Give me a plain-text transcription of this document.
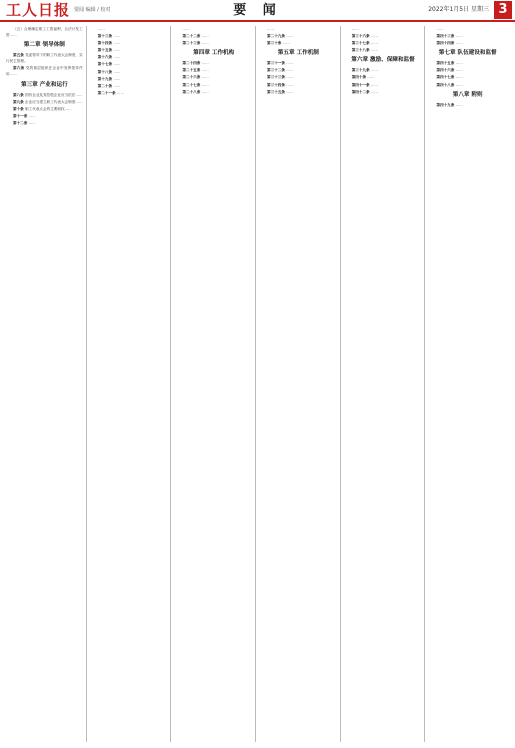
工人日报 要闻 编辑 / 校对	要 闻	2022年1月5日 星期三 3

（五）合理确定职工工资福利，合法计发工资……　　　　　　　　　　　　　　　　　　　　　　　　　　　　　　　　　　　　　　　　　　　　　　　　　　　　　　　　　　　　　　　　　　　　　　　　　　　　　　　　　　　　　　　　　　　　　　　　　　　　　　　　　　　　　　　　　　　　　　　　　　　

第二章 领导体制

第五条 党委领导下的职工代表大会制度，实行民主管理。　　　　　　　　　　　　　　　　　　　　　　　　　　　　　　　　　　　　　　　　　　　　　　　　　　　　　　　　　　　　　　　　　　　　　　　　　　　　　　　　　　　　　　　　　　　　　　　　　　　　　　　　　　　　　　　　　　　　　　　　　　　

第六条 党的基层组织在企业中发挥领导作用……　　　　　　　　　　　　　　　　　　　　　　　　　　　　　　　　　　　　　　　　　　　　　　　　　　　　　　　　　　　　　　　　　　　　　　　　　　　　　　　　　　　　　　　　　　　　　　　　　　　　　　　　　　　　　　　　　　　　　　　　　　　

第三章 产业和运行

第八条 国有企业及其控股企业应当依法……　　　　　　　　　　　　　　　　　　　　　　　　　　　　　　　　　　　　　　　　　　　　　　　　　　　　　　　　　　　　　　　　　　　　　　　　　　　　　　　　　　　　　　　　　　　　　　　　　　　　　　　　　　　　　　　　　　　　　　　　　　　

第九条 企业应当建立职工代表大会制度……　　　　　　　　　　　　　　　　　　　　　　　　　　　　　　　　　　　　　　　　　　　　　　　　　　　　　　　　　　　　　　　　　　　　　　　　　　　　　　　　　　　　　　　　　　　　　　　　　　　　　　　　　　　　　　　　　　　　　　　　　　　

第十条 职工代表大会的主要职权……　　　　　　　　　　　　　　　　　　　　　　　　　　　　　　　　　　　　　　　　　　　　　　　　　　　　　　　　　　　　　　　　　　　　　　　　　　　　　　　　　　　　　　　　　　　　　　　　　　　　　　　　　　　　　　　　　　　　　　　　　　　

第十一条 ……　　　　　　　　　　　　　　　　　　　　　　　　　　　　　　　　　　　　　　　　　　　　　　　　　　　　　　　　　　　　　　　　　　　　　　　　　　　　　　　　　　　　　　　　　　　　　　　　　　　　　　　　　　　　　　　　　　　　　　　　　　　

第十二条 ……　　　　　　　　　　　　　　　　　　　　　　　　　　　　　　　　　　　　　　　　　　　　　　　　　　　　　　　　　　　　　　　　　　　　　　　　　　　　　　　　　　　　　　　　　　　　　　　　　　　　　　　　　　　　　　　　　　　　　　　　　　　

……　　　　　　　　　　　　　　　　　　　　　　　　　　　　　　　　　　　　　　　　　　　　　　　　　　　　　　　　　　　　　　　　　　　　　　　　　　　　　　　　　　　　　　　　　　　　　　　　　　　　　　　　　　　　　　　　　　　　　　　　　　　

第十三条 ……　　　　　　　　　　　　　　　　　　　　　　　　　　　　　　　　　　　　　　　　　　　　　　　　　　　　　　　　　　　　　　　　　　　　　　　　　　　　　　　　　　　　　　　　　　　　　　　　　　　　　　　　　　　　　　　　　　　　　　　　　　　

第十四条 ……　　　　　　　　　　　　　　　　　　　　　　　　　　　　　　　　　　　　　　　　　　　　　　　　　　　　　　　　　　　　　　　　　　　　　　　　　　　　　　　　　　　　　　　　　　　　　　　　　　　　　　　　　　　　　　　　　　　　　　　　　　　

第十五条 ……　　　　　　　　　　　　　　　　　　　　　　　　　　　　　　　　　　　　　　　　　　　　　　　　　　　　　　　　　　　　　　　　　　　　　　　　　　　　　　　　　　　　　　　　　　　　　　　　　　　　　　　　　　　　　　　　　　　　　　　　　　　

第十六条 ……　　　　　　　　　　　　　　　　　　　　　　　　　　　　　　　　　　　　　　　　　　　　　　　　　　　　　　　　　　　　　　　　　　　　　　　　　　　　　　　　　　　　　　　　　　　　　　　　　　　　　　　　　　　　　　　　　　　　　　　　　　　

第十七条 ……　　　　　　　　　　　　　　　　　　　　　　　　　　　　　　　　　　　　　　　　　　　　　　　　　　　　　　　　　　　　　　　　　　　　　　　　　　　　　　　　　　　　　　　　　　　　　　　　　　　　　　　　　　　　　　　　　　　　　　　　　　　

第十八条 ……　　　　　　　　　　　　　　　　　　　　　　　　　　　　　　　　　　　　　　　　　　　　　　　　　　　　　　　　　　　　　　　　　　　　　　　　　　　　　　　　　　　　　　　　　　　　　　　　　　　　　　　　　　　　　　　　　　　　　　　　　　　

第十九条 ……　　　　　　　　　　　　　　　　　　　　　　　　　　　　　　　　　　　　　　　　　　　　　　　　　　　　　　　　　　　　　　　　　　　　　　　　　　　　　　　　　　　　　　　　　　　　　　　　　　　　　　　　　　　　　　　　　　　　　　　　　　　

第二十条 ……　　　　　　　　　　　　　　　　　　　　　　　　　　　　　　　　　　　　　　　　　　　　　　　　　　　　　　　　　　　　　　　　　　　　　　　　　　　　　　　　　　　　　　　　　　　　　　　　　　　　　　　　　　　　　　　　　　　　　　　　　　　

第二十一条 ……　　　　　　　　　　　　　　　　　　　　　　　　　　　　　　　　　　　　　　　　　　　　　　　　　　　　　　　　　　　　　　　　　　　　　　　　　　　　　　　　　　　　　　　　　　　　　　　　　　　　　　　　　　　　　　　　　　　　　　　　　　　

……　　　　　　　　　　　　　　　　　　　　　　　　　　　　　　　　　　　　　　　　　　　　　　　　　　　　　　　　　　　　　　　　　　　　　　　　　　　　　　　　　　　　　　　　　　　　　　　　　　　　　　　　　　　　　　　　　　　　　　　　　　　

第二十二条 ……　　　　　　　　　　　　　　　　　　　　　　　　　　　　　　　　　　　　　　　　　　　　　　　　　　　　　　　　　　　　　　　　　　　　　　　　　　　　　　　　　　　　　　　　　　　　　　　　　　　　　　　　　　　　　　　　　　　　　　　　　　　

第二十三条 ……　　　　　　　　　　　　　　　　　　　　　　　　　　　　　　　　　　　　　　　　　　　　　　　　　　　　　　　　　　　　　　　　　　　　　　　　　　　　　　　　　　　　　　　　　　　　　　　　　　　　　　　　　　　　　　　　　　　　　　　　　　　

第四章 工作机构

第二十四条 ……　　　　　　　　　　　　　　　　　　　　　　　　　　　　　　　　　　　　　　　　　　　　　　　　　　　　　　　　　　　　　　　　　　　　　　　　　　　　　　　　　　　　　　　　　　　　　　　　　　　　　　　　　　　　　　　　　　　　　　　　　　　

第二十五条 ……　　　　　　　　　　　　　　　　　　　　　　　　　　　　　　　　　　　　　　　　　　　　　　　　　　　　　　　　　　　　　　　　　　　　　　　　　　　　　　　　　　　　　　　　　　　　　　　　　　　　　　　　　　　　　　　　　　　　　　　　　　　

第二十六条 ……　　　　　　　　　　　　　　　　　　　　　　　　　　　　　　　　　　　　　　　　　　　　　　　　　　　　　　　　　　　　　　　　　　　　　　　　　　　　　　　　　　　　　　　　　　　　　　　　　　　　　　　　　　　　　　　　　　　　　　　　　　　

第二十七条 ……　　　　　　　　　　　　　　　　　　　　　　　　　　　　　　　　　　　　　　　　　　　　　　　　　　　　　　　　　　　　　　　　　　　　　　　　　　　　　　　　　　　　　　　　　　　　　　　　　　　　　　　　　　　　　　　　　　　　　　　　　　　

第二十八条 ……　　　　　　　　　　　　　　　　　　　　　　　　　　　　　　　　　　　　　　　　　　　　　　　　　　　　　　　　　　　　　　　　　　　　　　　　　　　　　　　　　　　　　　　　　　　　　　　　　　　　　　　　　　　　　　　　　　　　　　　　　　　

……　　　　　　　　　　　　　　　　　　　　　　　　　　　　　　　　　　　　　　　　　　　　　　　　　　　　　　　　　　　　　　　　　　　　　　　　　　　　　　　　　　　　　　　　　　　　　　　　　　　　　　　　　　　　　　　　　　　　　　　　　　　

第二十九条 ……　　　　　　　　　　　　　　　　　　　　　　　　　　　　　　　　　　　　　　　　　　　　　　　　　　　　　　　　　　　　　　　　　　　　　　　　　　　　　　　　　　　　　　　　　　　　　　　　　　　　　　　　　　　　　　　　　　　　　　　　　　　

第三十条 ……　　　　　　　　　　　　　　　　　　　　　　　　　　　　　　　　　　　　　　　　　　　　　　　　　　　　　　　　　　　　　　　　　　　　　　　　　　　　　　　　　　　　　　　　　　　　　　　　　　　　　　　　　　　　　　　　　　　　　　　　　　　

第五章 工作机制

第三十一条 ……　　　　　　　　　　　　　　　　　　　　　　　　　　　　　　　　　　　　　　　　　　　　　　　　　　　　　　　　　　　　　　　　　　　　　　　　　　　　　　　　　　　　　　　　　　　　　　　　　　　　　　　　　　　　　　　　　　　　　　　　　　　

第三十二条 ……　　　　　　　　　　　　　　　　　　　　　　　　　　　　　　　　　　　　　　　　　　　　　　　　　　　　　　　　　　　　　　　　　　　　　　　　　　　　　　　　　　　　　　　　　　　　　　　　　　　　　　　　　　　　　　　　　　　　　　　　　　　

第三十三条 ……　　　　　　　　　　　　　　　　　　　　　　　　　　　　　　　　　　　　　　　　　　　　　　　　　　　　　　　　　　　　　　　　　　　　　　　　　　　　　　　　　　　　　　　　　　　　　　　　　　　　　　　　　　　　　　　　　　　　　　　　　　　

第三十四条 ……　　　　　　　　　　　　　　　　　　　　　　　　　　　　　　　　　　　　　　　　　　　　　　　　　　　　　　　　　　　　　　　　　　　　　　　　　　　　　　　　　　　　　　　　　　　　　　　　　　　　　　　　　　　　　　　　　　　　　　　　　　　

第三十五条 ……　　　　　　　　　　　　　　　　　　　　　　　　　　　　　　　　　　　　　　　　　　　　　　　　　　　　　　　　　　　　　　　　　　　　　　　　　　　　　　　　　　　　　　　　　　　　　　　　　　　　　　　　　　　　　　　　　　　　　　　　　　　

……　　　　　　　　　　　　　　　　　　　　　　　　　　　　　　　　　　　　　　　　　　　　　　　　　　　　　　　　　　　　　　　　　　　　　　　　　　　　　　　　　　　　　　　　　　　　　　　　　　　　　　　　　　　　　　　　　　　　　　　　　　　

第三十六条 ……　　　　　　　　　　　　　　　　　　　　　　　　　　　　　　　　　　　　　　　　　　　　　　　　　　　　　　　　　　　　　　　　　　　　　　　　　　　　　　　　　　　　　　　　　　　　　　　　　　　　　　　　　　　　　　　　　　　　　　　　　　　

第三十七条 ……　　　　　　　　　　　　　　　　　　　　　　　　　　　　　　　　　　　　　　　　　　　　　　　　　　　　　　　　　　　　　　　　　　　　　　　　　　　　　　　　　　　　　　　　　　　　　　　　　　　　　　　　　　　　　　　　　　　　　　　　　　　

第三十八条 ……　　　　　　　　　　　　　　　　　　　　　　　　　　　　　　　　　　　　　　　　　　　　　　　　　　　　　　　　　　　　　　　　　　　　　　　　　　　　　　　　　　　　　　　　　　　　　　　　　　　　　　　　　　　　　　　　　　　　　　　　　　　

第六章 激励、保障和监督

第三十九条 ……　　　　　　　　　　　　　　　　　　　　　　　　　　　　　　　　　　　　　　　　　　　　　　　　　　　　　　　　　　　　　　　　　　　　　　　　　　　　　　　　　　　　　　　　　　　　　　　　　　　　　　　　　　　　　　　　　　　　　　　　　　　

第四十条 ……　　　　　　　　　　　　　　　　　　　　　　　　　　　　　　　　　　　　　　　　　　　　　　　　　　　　　　　　　　　　　　　　　　　　　　　　　　　　　　　　　　　　　　　　　　　　　　　　　　　　　　　　　　　　　　　　　　　　　　　　　　　

第四十一条 ……　　　　　　　　　　　　　　　　　　　　　　　　　　　　　　　　　　　　　　　　　　　　　　　　　　　　　　　　　　　　　　　　　　　　　　　　　　　　　　　　　　　　　　　　　　　　　　　　　　　　　　　　　　　　　　　　　　　　　　　　　　　

第四十二条 ……　　　　　　　　　　　　　　　　　　　　　　　　　　　　　　　　　　　　　　　　　　　　　　　　　　　　　　　　　　　　　　　　　　　　　　　　　　　　　　　　　　　　　　　　　　　　　　　　　　　　　　　　　　　　　　　　　　　　　　　　　　　

……　　　　　　　　　　　　　　　　　　　　　　　　　　　　　　　　　　　　　　　　　　　　　　　　　　　　　　　　　　　　　　　　　　　　　　　　　　　　　　　　　　　　　　　　　　　　　　　　　　　　　　　　　　　　　　　　　　　　　　　　　　　

第四十三条 ……　　　　　　　　　　　　　　　　　　　　　　　　　　　　　　　　　　　　　　　　　　　　　　　　　　　　　　　　　　　　　　　　　　　　　　　　　　　　　　　　　　　　　　　　　　　　　　　　　　　　　　　　　　　　　　　　　　　　　　　　　　　

第四十四条 ……　　　　　　　　　　　　　　　　　　　　　　　　　　　　　　　　　　　　　　　　　　　　　　　　　　　　　　　　　　　　　　　　　　　　　　　　　　　　　　　　　　　　　　　　　　　　　　　　　　　　　　　　　　　　　　　　　　　　　　　　　　　

第七章 队伍建设和监督

第四十五条 ……　　　　　　　　　　　　　　　　　　　　　　　　　　　　　　　　　　　　　　　　　　　　　　　　　　　　　　　　　　　　　　　　　　　　　　　　　　　　　　　　　　　　　　　　　　　　　　　　　　　　　　　　　　　　　　　　　　　　　　　　　　　

第四十六条 ……　　　　　　　　　　　　　　　　　　　　　　　　　　　　　　　　　　　　　　　　　　　　　　　　　　　　　　　　　　　　　　　　　　　　　　　　　　　　　　　　　　　　　　　　　　　　　　　　　　　　　　　　　　　　　　　　　　　　　　　　　　　

第四十七条 ……　　　　　　　　　　　　　　　　　　　　　　　　　　　　　　　　　　　　　　　　　　　　　　　　　　　　　　　　　　　　　　　　　　　　　　　　　　　　　　　　　　　　　　　　　　　　　　　　　　　　　　　　　　　　　　　　　　　　　　　　　　　

第四十八条 ……　　　　　　　　　　　　　　　　　　　　　　　　　　　　　　　　　　　　　　　　　　　　　　　　　　　　　　　　　　　　　　　　　　　　　　　　　　　　　　　　　　　　　　　　　　　　　　　　　　　　　　　　　　　　　　　　　　　　　　　　　　　

第八章 附则

第四十九条 ……　　　　　　　　　　　　　　　　　　　　　　　　　　　　　　　　　　　　　　　　　　　　　　　　　　　　　　　　　　　　　　　　　　　　　　　　　　　　　　　　　　　　　　　　　　　　　　　　　　　　　　　　　　　　　　　　　　　　　　　　　　　
